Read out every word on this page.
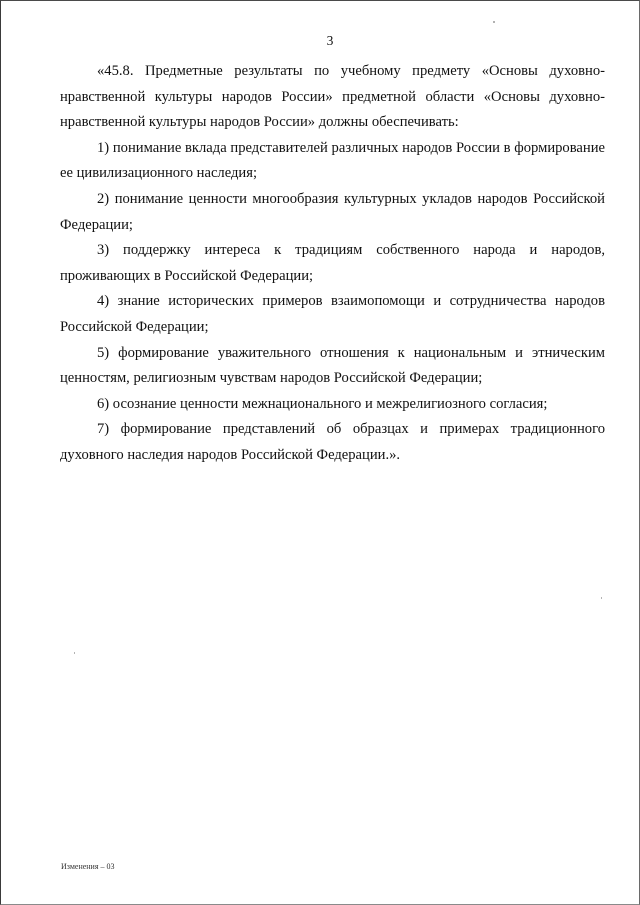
3

«45.8. Предметные результаты по учебному предмету «Основы духовно-нравственной культуры народов России» предметной области «Основы духовно-нравственной культуры народов России» должны обеспечивать:

1) понимание вклада представителей различных народов России в формирование ее цивилизационного наследия;

2) понимание ценности многообразия культурных укладов народов Российской Федерации;

3) поддержку интереса к традициям собственного народа и народов, проживающих в Российской Федерации;

4) знание исторических примеров взаимопомощи и сотрудничества народов Российской Федерации;

5) формирование уважительного отношения к национальным и этническим ценностям, религиозным чувствам народов Российской Федерации;

6) осознание ценности межнационального и межрелигиозного согласия;

7) формирование представлений об образцах и примерах традиционного духовного наследия народов Российской Федерации.».

Изменения – 03
